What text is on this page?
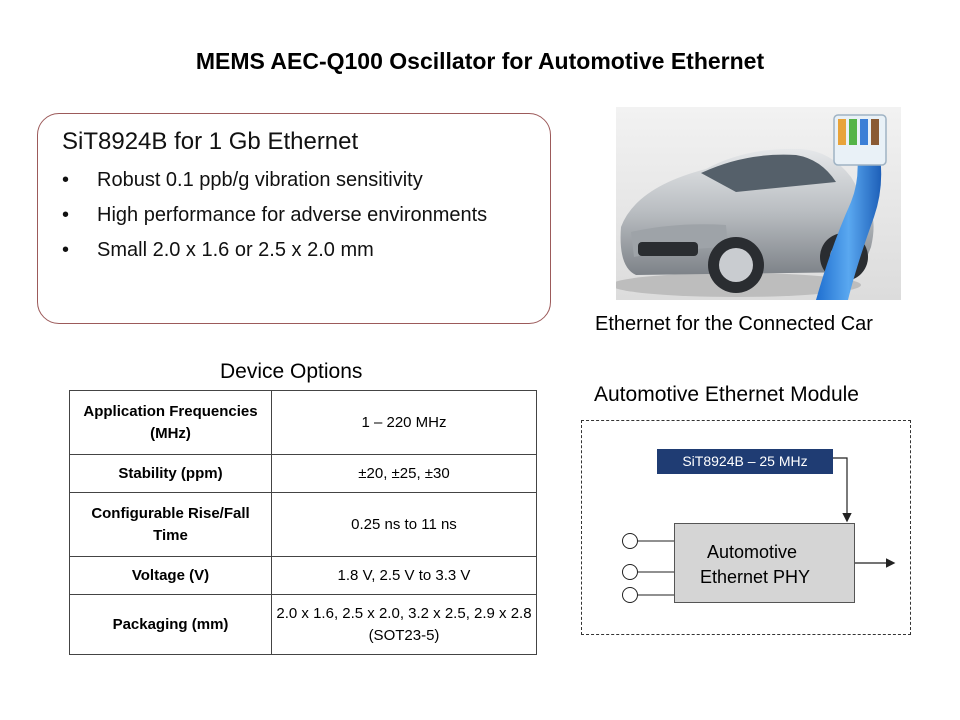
MEMS AEC-Q100 Oscillator for Automotive Ethernet
SiT8924B for 1 Gb Ethernet
• Robust 0.1 ppb/g vibration sensitivity
• High performance for adverse environments
• Small 2.0 x 1.6 or 2.5 x 2.0 mm
Ethernet for the Connected Car
Device Options
Application Frequencies (MHz)	1 – 220 MHz
Stability (ppm)	±20, ±25, ±30
Configurable Rise/Fall Time	0.25 ns to 11 ns
Voltage (V)	1.8 V, 2.5 V to 3.3 V
Packaging (mm)	2.0 x 1.6, 2.5 x 2.0, 3.2 x 2.5, 2.9 x 2.8 (SOT23-5)
Automotive Ethernet Module
SiT8924B – 25 MHz
Automotive
Ethernet PHY
